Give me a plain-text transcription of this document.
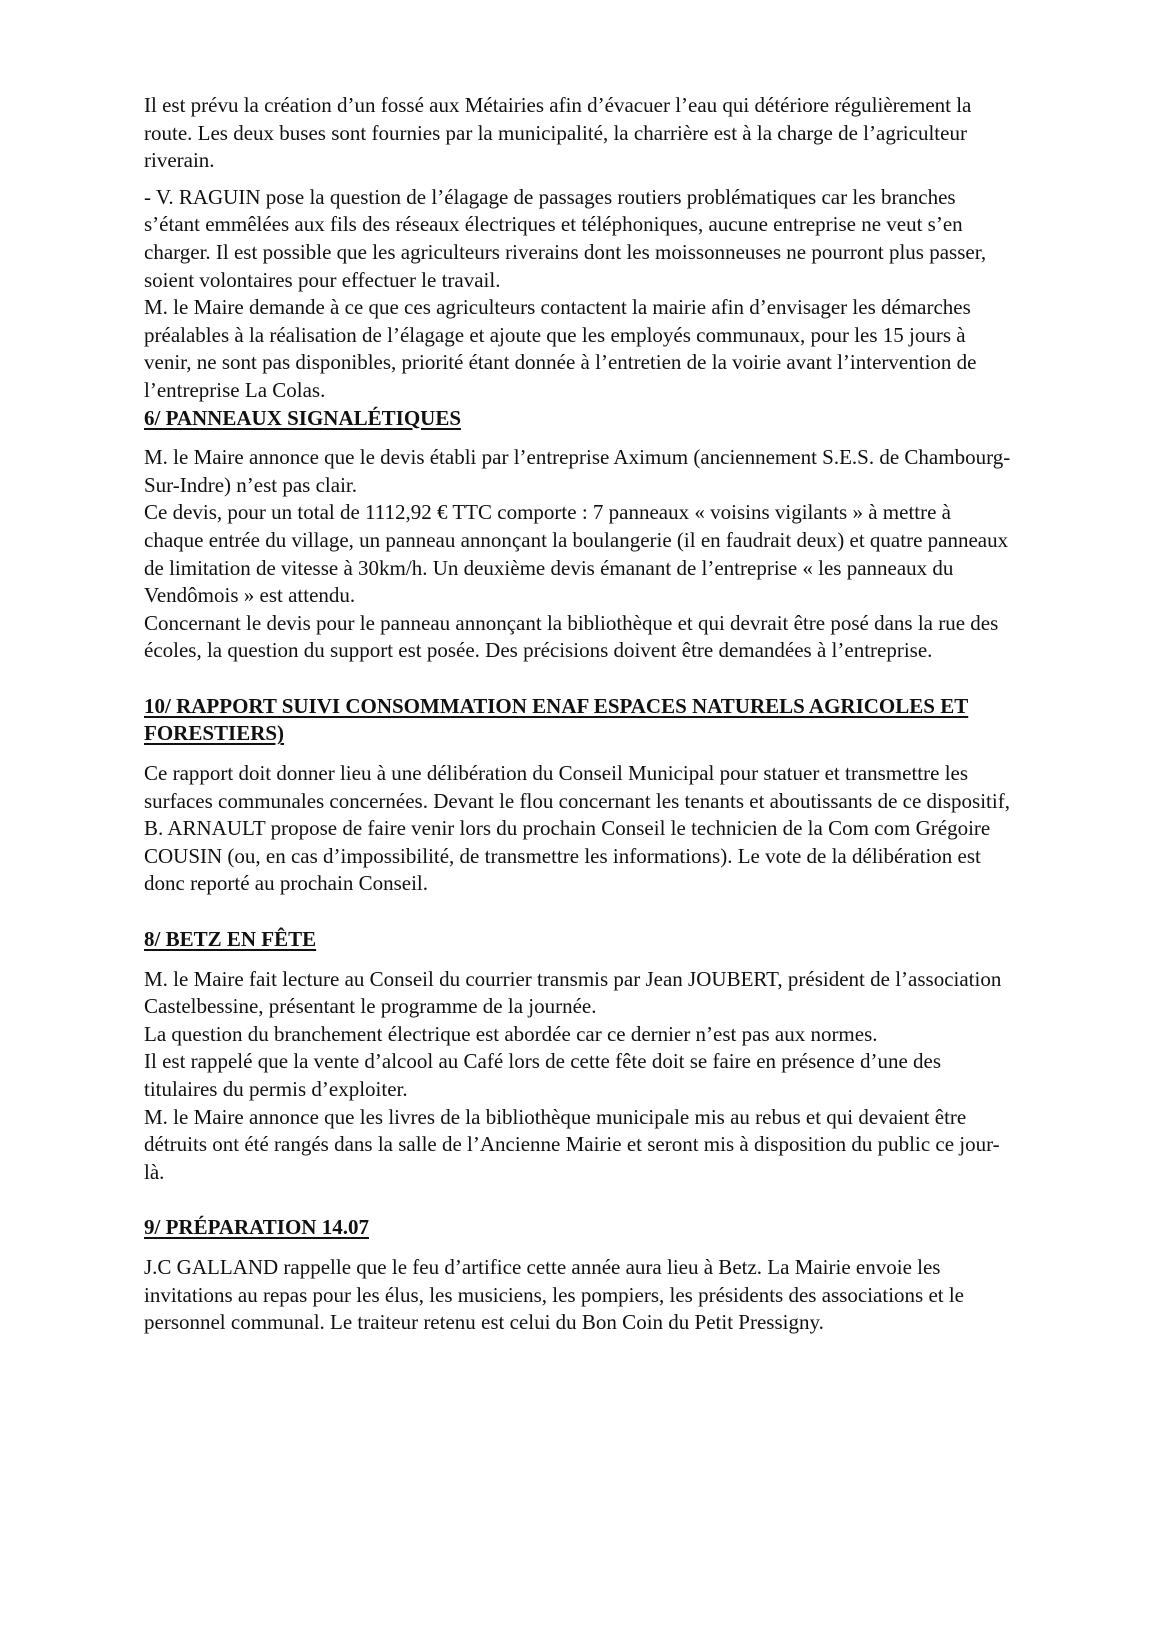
Il est prévu la création d’un fossé aux Métairies afin d’évacuer l’eau qui détériore régulièrement la route. Les deux buses sont fournies par la municipalité, la charrière est à la charge de l’agriculteur riverain.

- V. RAGUIN pose la question de l’élagage de passages routiers problématiques car les branches s’étant emmêlées aux fils des réseaux électriques et téléphoniques, aucune entreprise ne veut s’en charger. Il est possible que les agriculteurs riverains dont les moissonneuses ne pourront plus passer, soient volontaires pour effectuer le travail.

M. le Maire demande à ce que ces agriculteurs contactent la mairie afin d’envisager les démarches préalables à la réalisation de l’élagage et ajoute que les employés communaux, pour les 15 jours à venir, ne sont pas disponibles, priorité étant donnée à l’entretien de la voirie avant l’intervention de l’entreprise La Colas.

6/ PANNEAUX SIGNALÉTIQUES

M. le Maire annonce que le devis établi par l’entreprise Aximum (anciennement S.E.S. de Chambourg-Sur-Indre) n’est pas clair.

Ce devis, pour un total de 1112,92 € TTC comporte : 7 panneaux « voisins vigilants » à mettre à chaque entrée du village, un panneau annonçant la boulangerie (il en faudrait deux) et quatre panneaux de limitation de vitesse à 30km/h. Un deuxième devis émanant de l’entreprise « les panneaux du Vendômois » est attendu.

Concernant le devis pour le panneau annonçant la bibliothèque et qui devrait être posé dans la rue des écoles, la question du support est posée. Des précisions doivent être demandées à l’entreprise.

10/ RAPPORT SUIVI CONSOMMATION ENAF ESPACES NATURELS AGRICOLES ET FORESTIERS)

Ce rapport doit donner lieu à une délibération du Conseil Municipal pour statuer et transmettre les surfaces communales concernées. Devant le flou concernant les tenants et aboutissants de ce dispositif, B. ARNAULT propose de faire venir lors du prochain Conseil le technicien de la Com com Grégoire COUSIN (ou, en cas d’impossibilité, de transmettre les informations). Le vote de la délibération est donc reporté au prochain Conseil.

8/ BETZ EN FÊTE

M. le Maire fait lecture au Conseil du courrier transmis par Jean JOUBERT, président de l’association Castelbessine, présentant le programme de la journée.

La question du branchement électrique est abordée car ce dernier n’est pas aux normes.

Il est rappelé que la vente d’alcool au Café lors de cette fête doit se faire en présence d’une des titulaires du permis d’exploiter.

M. le Maire annonce que les livres de la bibliothèque municipale mis au rebus et qui devaient être détruits ont été rangés dans la salle de l’Ancienne Mairie et seront mis à disposition du public ce jour-là.

9/ PRÉPARATION 14.07

J.C GALLAND rappelle que le feu d’artifice cette année aura lieu à Betz. La Mairie envoie les invitations au repas pour les élus, les musiciens, les pompiers, les présidents des associations et le personnel communal. Le traiteur retenu est celui du Bon Coin du Petit Pressigny.
